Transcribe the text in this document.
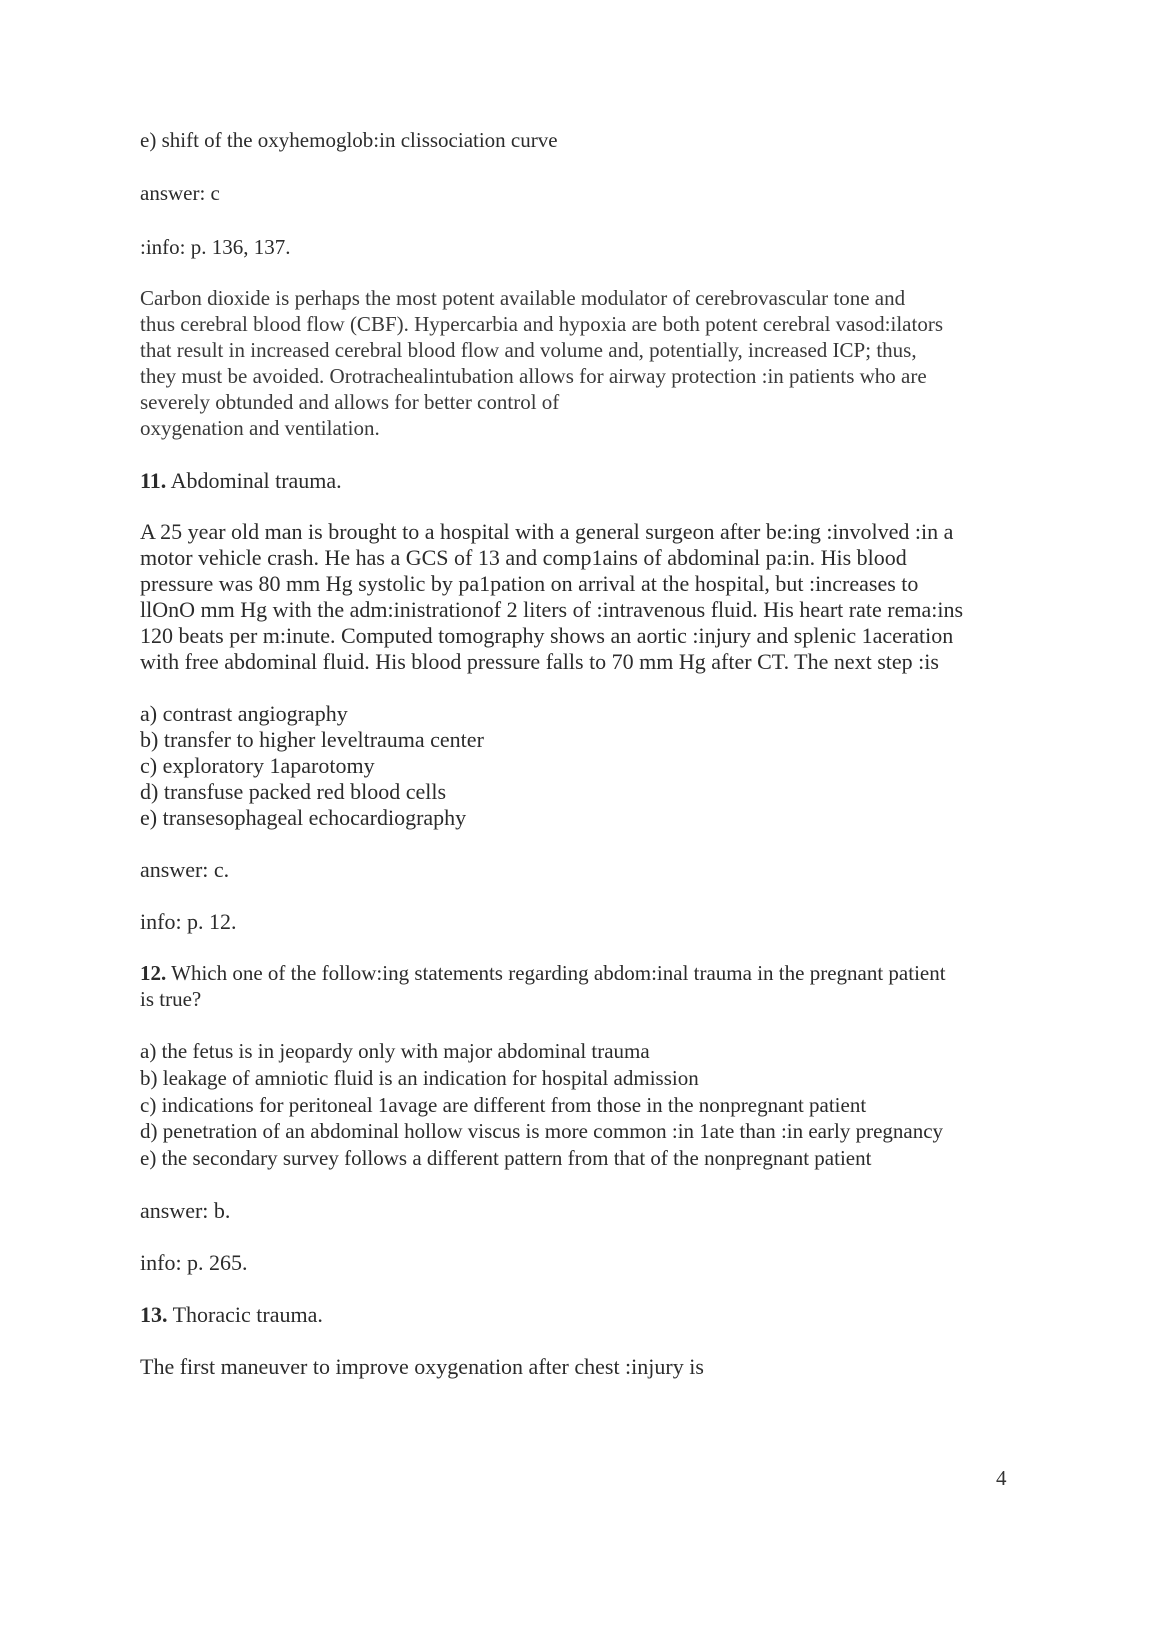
e) shift of the oxyhemoglob:in clissociation curve
answer: c
:info: p. 136, 137.
Carbon dioxide is perhaps the most potent available modulator of cerebrovascular tone and
thus cerebral blood flow (CBF). Hypercarbia and hypoxia are both potent cerebral vasod:ilators
that result in increased cerebral blood flow and volume and, potentially, increased ICP; thus,
they must be avoided. Orotrachealintubation allows for airway protection :in patients who are
severely obtunded and allows for better control of
oxygenation and ventilation.
11. Abdominal trauma.
A 25 year old man is brought to a hospital with a general surgeon after be:ing :involved :in a
motor vehicle crash. He has a GCS of 13 and comp1ains of abdominal pa:in. His blood
pressure was 80 mm Hg systolic by pa1pation on arrival at the hospital, but :increases to
llOnO mm Hg with the adm:inistrationof 2 liters of :intravenous fluid. His heart rate rema:ins
120 beats per m:inute. Computed tomography shows an aortic :injury and splenic 1aceration
with free abdominal fluid. His blood pressure falls to 70 mm Hg after CT. The next step :is
a) contrast angiography
b) transfer to higher leveltrauma center
c) exploratory 1aparotomy
d) transfuse packed red blood cells
e) transesophageal echocardiography
answer: c.
info: p. 12.
12. Which one of the follow:ing statements regarding abdom:inal trauma in the pregnant patient
is true?
a) the fetus is in jeopardy only with major abdominal trauma
b) leakage of amniotic fluid is an indication for hospital admission
c) indications for peritoneal 1avage are different from those in the nonpregnant patient
d) penetration of an abdominal hollow viscus is more common :in 1ate than :in early pregnancy
e) the secondary survey follows a different pattern from that of the nonpregnant patient
answer: b.
info: p. 265.
13. Thoracic trauma.
The first maneuver to improve oxygenation after chest :injury is
4
